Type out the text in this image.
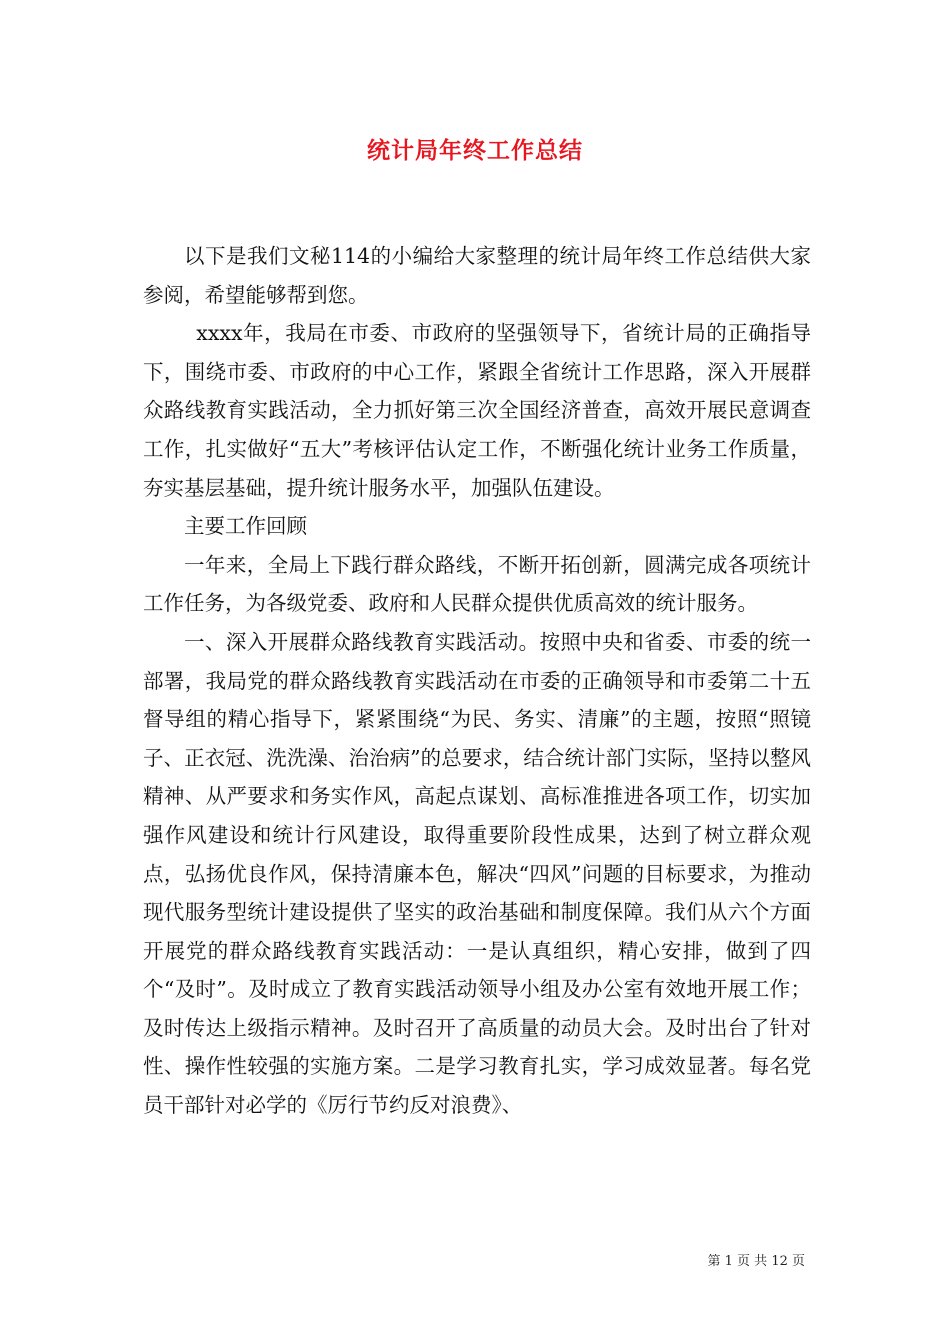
统计局年终工作总结

以下是我们文秘114的小编给大家整理的统计局年终工作总结供大家参阅，希望能够帮到您。

xxxx年，我局在市委、市政府的坚强领导下，省统计局的正确指导下，围绕市委、市政府的中心工作，紧跟全省统计工作思路，深入开展群众路线教育实践活动，全力抓好第三次全国经济普查，高效开展民意调查工作，扎实做好“五大”考核评估认定工作，不断强化统计业务工作质量，夯实基层基础，提升统计服务水平，加强队伍建设。

主要工作回顾

一年来，全局上下践行群众路线，不断开拓创新，圆满完成各项统计工作任务，为各级党委、政府和人民群众提供优质高效的统计服务。

一、深入开展群众路线教育实践活动。按照中央和省委、市委的统一部署，我局党的群众路线教育实践活动在市委的正确领导和市委第二十五督导组的精心指导下，紧紧围绕“为民、务实、清廉”的主题，按照“照镜子、正衣冠、洗洗澡、治治病”的总要求，结合统计部门实际，坚持以整风精神、从严要求和务实作风，高起点谋划、高标准推进各项工作，切实加强作风建设和统计行风建设，取得重要阶段性成果，达到了树立群众观点，弘扬优良作风，保持清廉本色，解决“四风”问题的目标要求，为推动现代服务型统计建设提供了坚实的政治基础和制度保障。我们从六个方面开展党的群众路线教育实践活动：一是认真组织，精心安排，做到了四个“及时”。及时成立了教育实践活动领导小组及办公室有效地开展工作；及时传达上级指示精神。及时召开了高质量的动员大会。及时出台了针对性、操作性较强的实施方案。二是学习教育扎实，学习成效显著。每名党员干部针对必学的《厉行节约反对浪费》、

第 1 页 共 12 页
